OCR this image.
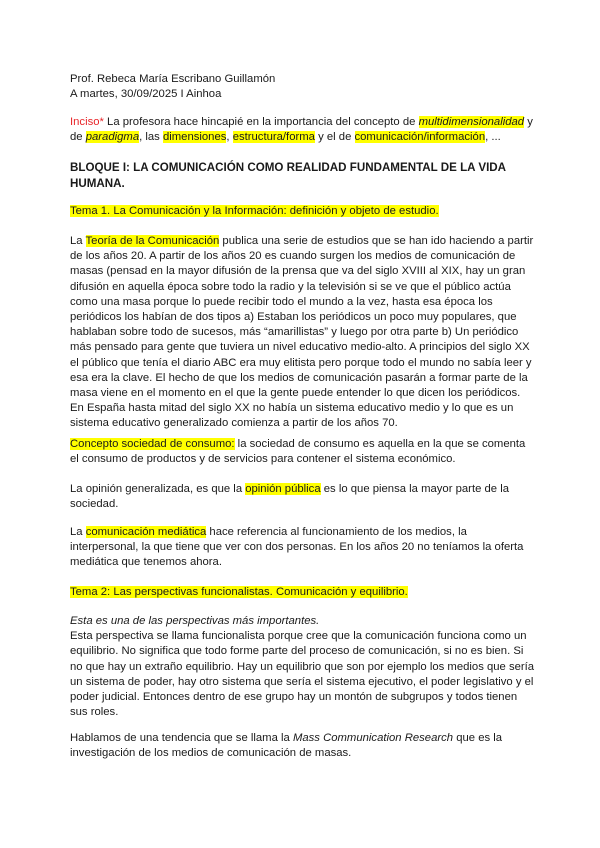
Prof. Rebeca María Escribano Guillamón

A martes, 30/09/2025 I Ainhoa

Inciso* La profesora hace hincapié en la importancia del concepto de multidimensionalidad y de paradigma, las dimensiones, estructura/forma y el de comunicación/información, ...

BLOQUE I: LA COMUNICACIÓN COMO REALIDAD FUNDAMENTAL DE LA VIDA HUMANA.

Tema 1. La Comunicación y la Información: definición y objeto de estudio.

La Teoría de la Comunicación publica una serie de estudios que se han ido haciendo a partir de los años 20. A partir de los años 20 es cuando surgen los medios de comunicación de masas (pensad en la mayor difusión de la prensa que va del siglo XVIII al XIX, hay un gran difusión en aquella época sobre todo la radio y la televisión si se ve que el público actúa como una masa porque lo puede recibir todo el mundo a la vez, hasta esa época los periódicos los habían de dos tipos a) Estaban los periódicos un poco muy populares, que hablaban sobre todo de sucesos, más “amarillistas” y luego por otra parte b) Un periódico más pensado para gente que tuviera un nivel educativo medio-alto. A principios del siglo XX el público que tenía el diario ABC era muy elitista pero porque todo el mundo no sabía leer y esa era la clave. El hecho de que los medios de comunicación pasarán a formar parte de la masa viene en el momento en el que la gente puede entender lo que dicen los periódicos. En España hasta mitad del siglo XX no había un sistema educativo medio y lo que es un sistema educativo generalizado comienza a partir de los años 70.

Concepto sociedad de consumo: la sociedad de consumo es aquella en la que se comenta el consumo de productos y de servicios para contener el sistema económico.

La opinión generalizada, es que la opinión pública es lo que piensa la mayor parte de la sociedad.

La comunicación mediática hace referencia al funcionamiento de los medios, la interpersonal, la que tiene que ver con dos personas. En los años 20 no teníamos la oferta mediática que tenemos ahora.

Tema 2: Las perspectivas funcionalistas. Comunicación y equilibrio.

Esta es una de las perspectivas más importantes.

Esta perspectiva se llama funcionalista porque cree que la comunicación funciona como un equilibrio. No significa que todo forme parte del proceso de comunicación, si no es bien. Si no que hay un extraño equilibrio. Hay un equilibrio que son por ejemplo los medios que sería un sistema de poder, hay otro sistema que sería el sistema ejecutivo, el poder legislativo y el poder judicial. Entonces dentro de ese grupo hay un montón de subgrupos y todos tienen sus roles.

Hablamos de una tendencia que se llama la Mass Communication Research que es la investigación de los medios de comunicación de masas.
